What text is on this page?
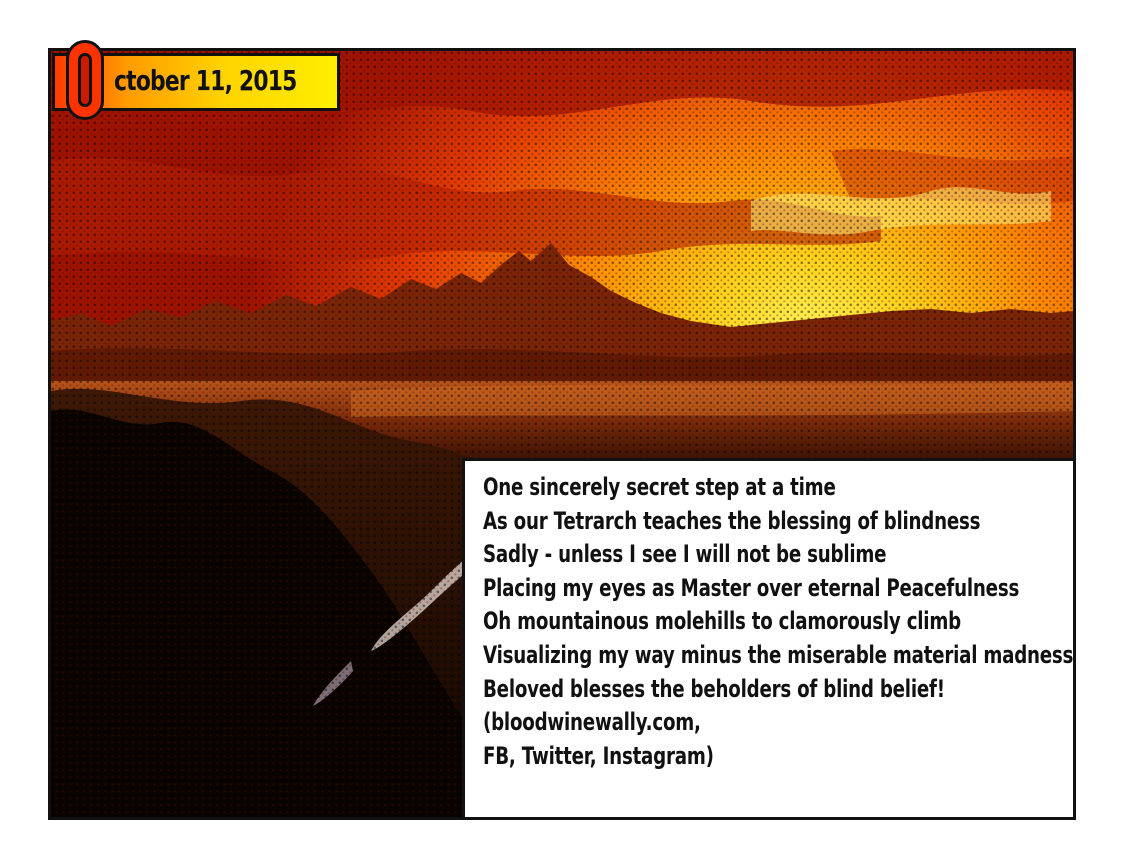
ctober 11, 2015
One sincerely secret step at a time
As our Tetrarch teaches the blessing of blindness
Sadly - unless I see I will not be sublime
Placing my eyes as Master over eternal Peacefulness
Oh mountainous molehills to clamorously climb
Visualizing my way minus the miserable material madness
Beloved blesses the beholders of blind belief!
(bloodwinewally.com,
FB, Twitter, Instagram)
